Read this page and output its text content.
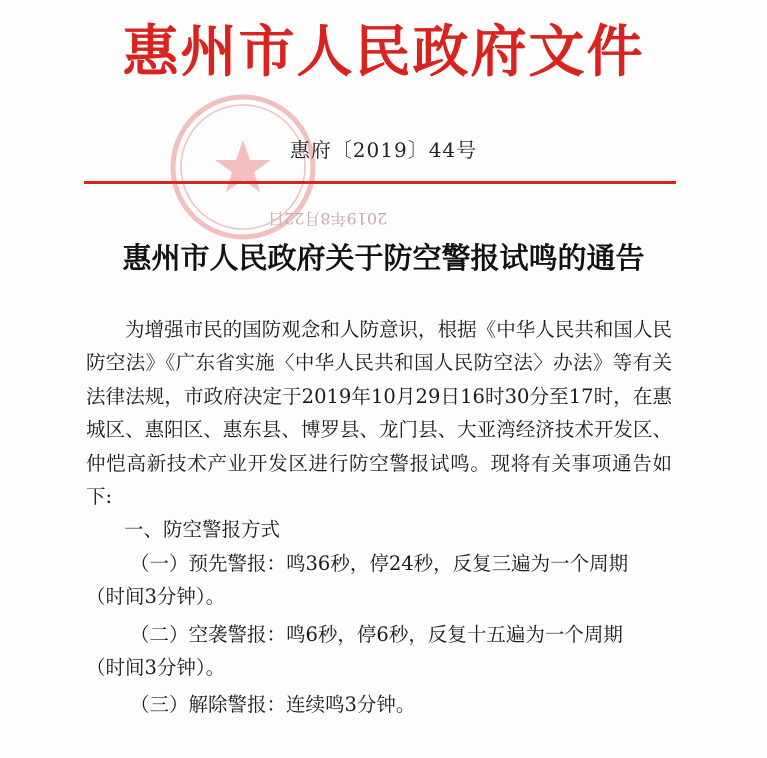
惠州市人民政府文件
惠府〔2019〕44号
2019年8月22日
惠州市人民政府关于防空警报试鸣的通告

为增强市民的国防观念和人防意识，根据《中华人民共和国人民防空法》《广东省实施〈中华人民共和国人民防空法〉办法》等有关法律法规，市政府决定于2019年10月29日16时30分至17时，在惠城区、惠阳区、惠东县、博罗县、龙门县、大亚湾经济技术开发区、仲恺高新技术产业开发区进行防空警报试鸣。现将有关事项通告如下:

一、防空警报方式

（一）预先警报：鸣36秒，停24秒，反复三遍为一个周期

（时间3分钟）。

（二）空袭警报：鸣6秒，停6秒，反复十五遍为一个周期

（时间3分钟）。

（三）解除警报：连续鸣3分钟。
